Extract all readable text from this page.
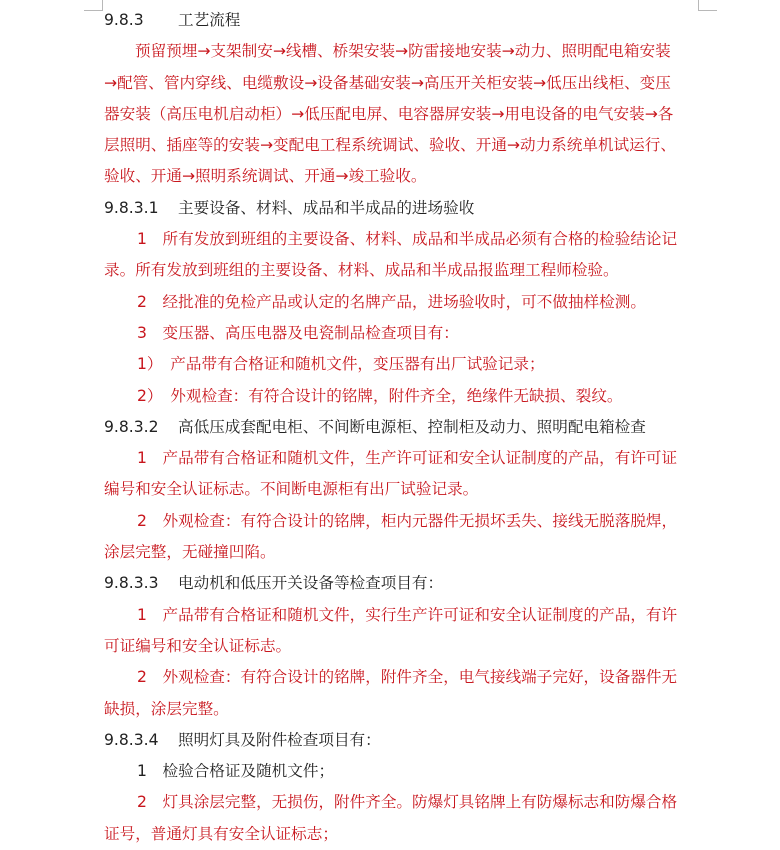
9.8.3 工艺流程
预留预埋→支架制安→线槽、桥架安装→防雷接地安装→动力、照明配电箱安装
→配管、管内穿线、电缆敷设→设备基础安装→高压开关柜安装→低压出线柜、变压
器安装（高压电机启动柜）→低压配电屏、电容器屏安装→用电设备的电气安装→各
层照明、插座等的安装→变配电工程系统调试、验收、开通→动力系统单机试运行、
验收、开通→照明系统调试、开通→竣工验收。
9.8.3.1 主要设备、材料、成品和半成品的进场验收
1　所有发放到班组的主要设备、材料、成品和半成品必须有合格的检验结论记
录。所有发放到班组的主要设备、材料、成品和半成品报监理工程师检验。
2　经批准的免检产品或认定的名牌产品，进场验收时，可不做抽样检测。
3　变压器、高压电器及电瓷制品检查项目有：
1）　产品带有合格证和随机文件，变压器有出厂试验记录；
2）　外观检查：有符合设计的铭牌，附件齐全，绝缘件无缺损、裂纹。
9.8.3.2 高低压成套配电柜、不间断电源柜、控制柜及动力、照明配电箱检查
1　产品带有合格证和随机文件，生产许可证和安全认证制度的产品，有许可证
编号和安全认证标志。不间断电源柜有出厂试验记录。
2　外观检查：有符合设计的铭牌，柜内元器件无损坏丢失、接线无脱落脱焊，
涂层完整，无碰撞凹陷。
9.8.3.3 电动机和低压开关设备等检查项目有：
1　产品带有合格证和随机文件，实行生产许可证和安全认证制度的产品，有许
可证编号和安全认证标志。
2　外观检查：有符合设计的铭牌，附件齐全，电气接线端子完好，设备器件无
缺损，涂层完整。
9.8.3.4 照明灯具及附件检查项目有：
1　检验合格证及随机文件；
2　灯具涂层完整，无损伤，附件齐全。防爆灯具铭牌上有防爆标志和防爆合格
证号，普通灯具有安全认证标志；
